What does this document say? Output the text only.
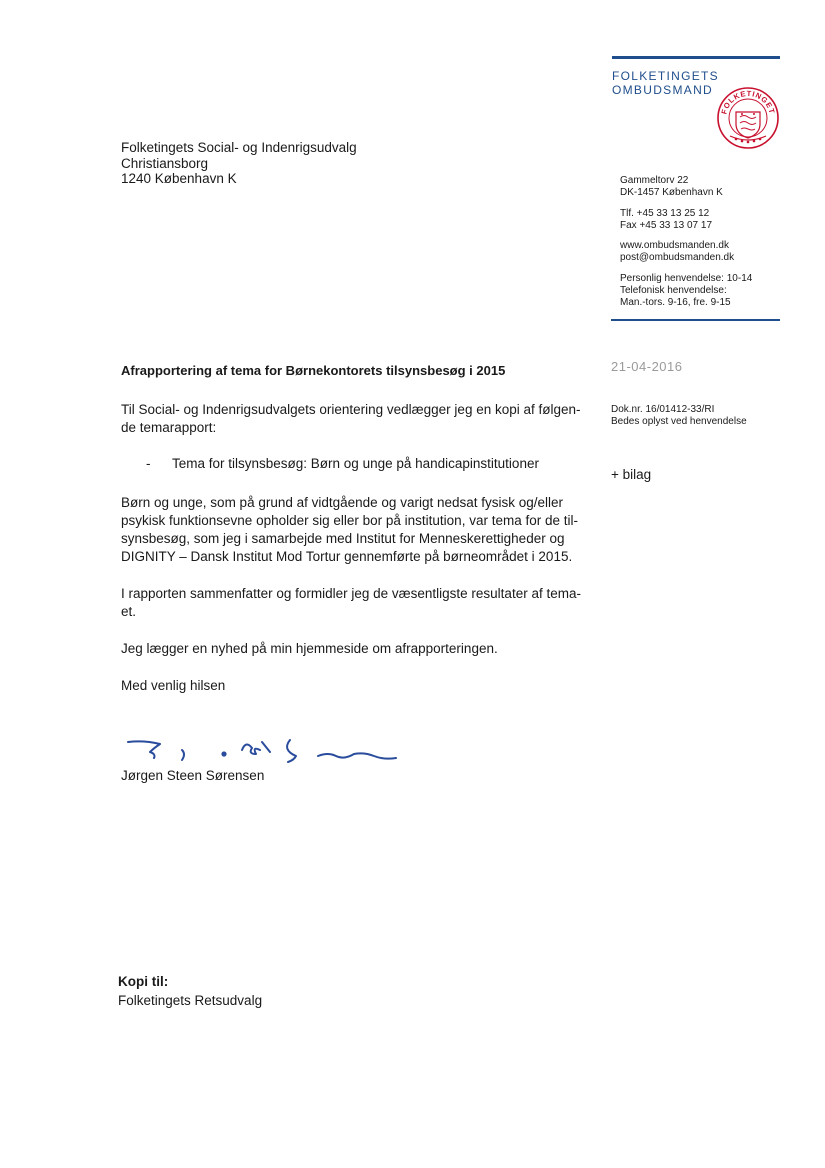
FOLKETINGETS
OMBUDSMAND
FOLKETINGET
Folketingets Social- og Indenrigsudvalg
Christiansborg
1240 København K	Gammeltorv 22
DK-1457 København K
Tlf. +45 33 13 25 12
Fax +45 33 13 07 17
www.ombudsmanden.dk
post@ombudsmanden.dk
Personlig henvendelse: 10-14
Telefonisk henvendelse:
Man.-tors. 9-16, fre. 9-15
Afrapportering af tema for Børnekontorets tilsynsbesøg i 2015	21-04-2016
Dok.nr. 16/01412-33/RI
Bedes oplyst ved henvendelse
+ bilag
Til Social- og Indenrigsudvalgets orientering vedlægger jeg en kopi af følgen-de temarapport:
- Tema for tilsynsbesøg: Børn og unge på handicapinstitutioner
Børn og unge, som på grund af vidtgående og varigt nedsat fysisk og/eller psykisk funktionsevne opholder sig eller bor på institution, var tema for de til-synsbesøg, som jeg i samarbejde med Institut for Menneskerettigheder og DIGNITY – Dansk Institut Mod Tortur gennemførte på børneområdet i 2015.
I rapporten sammenfatter og formidler jeg de væsentligste resultater af tema-et.
Jeg lægger en nyhed på min hjemmeside om afrapporteringen.
Med venlig hilsen
Jørgen Steen Sørensen
Kopi til:
Folketingets Retsudvalg
